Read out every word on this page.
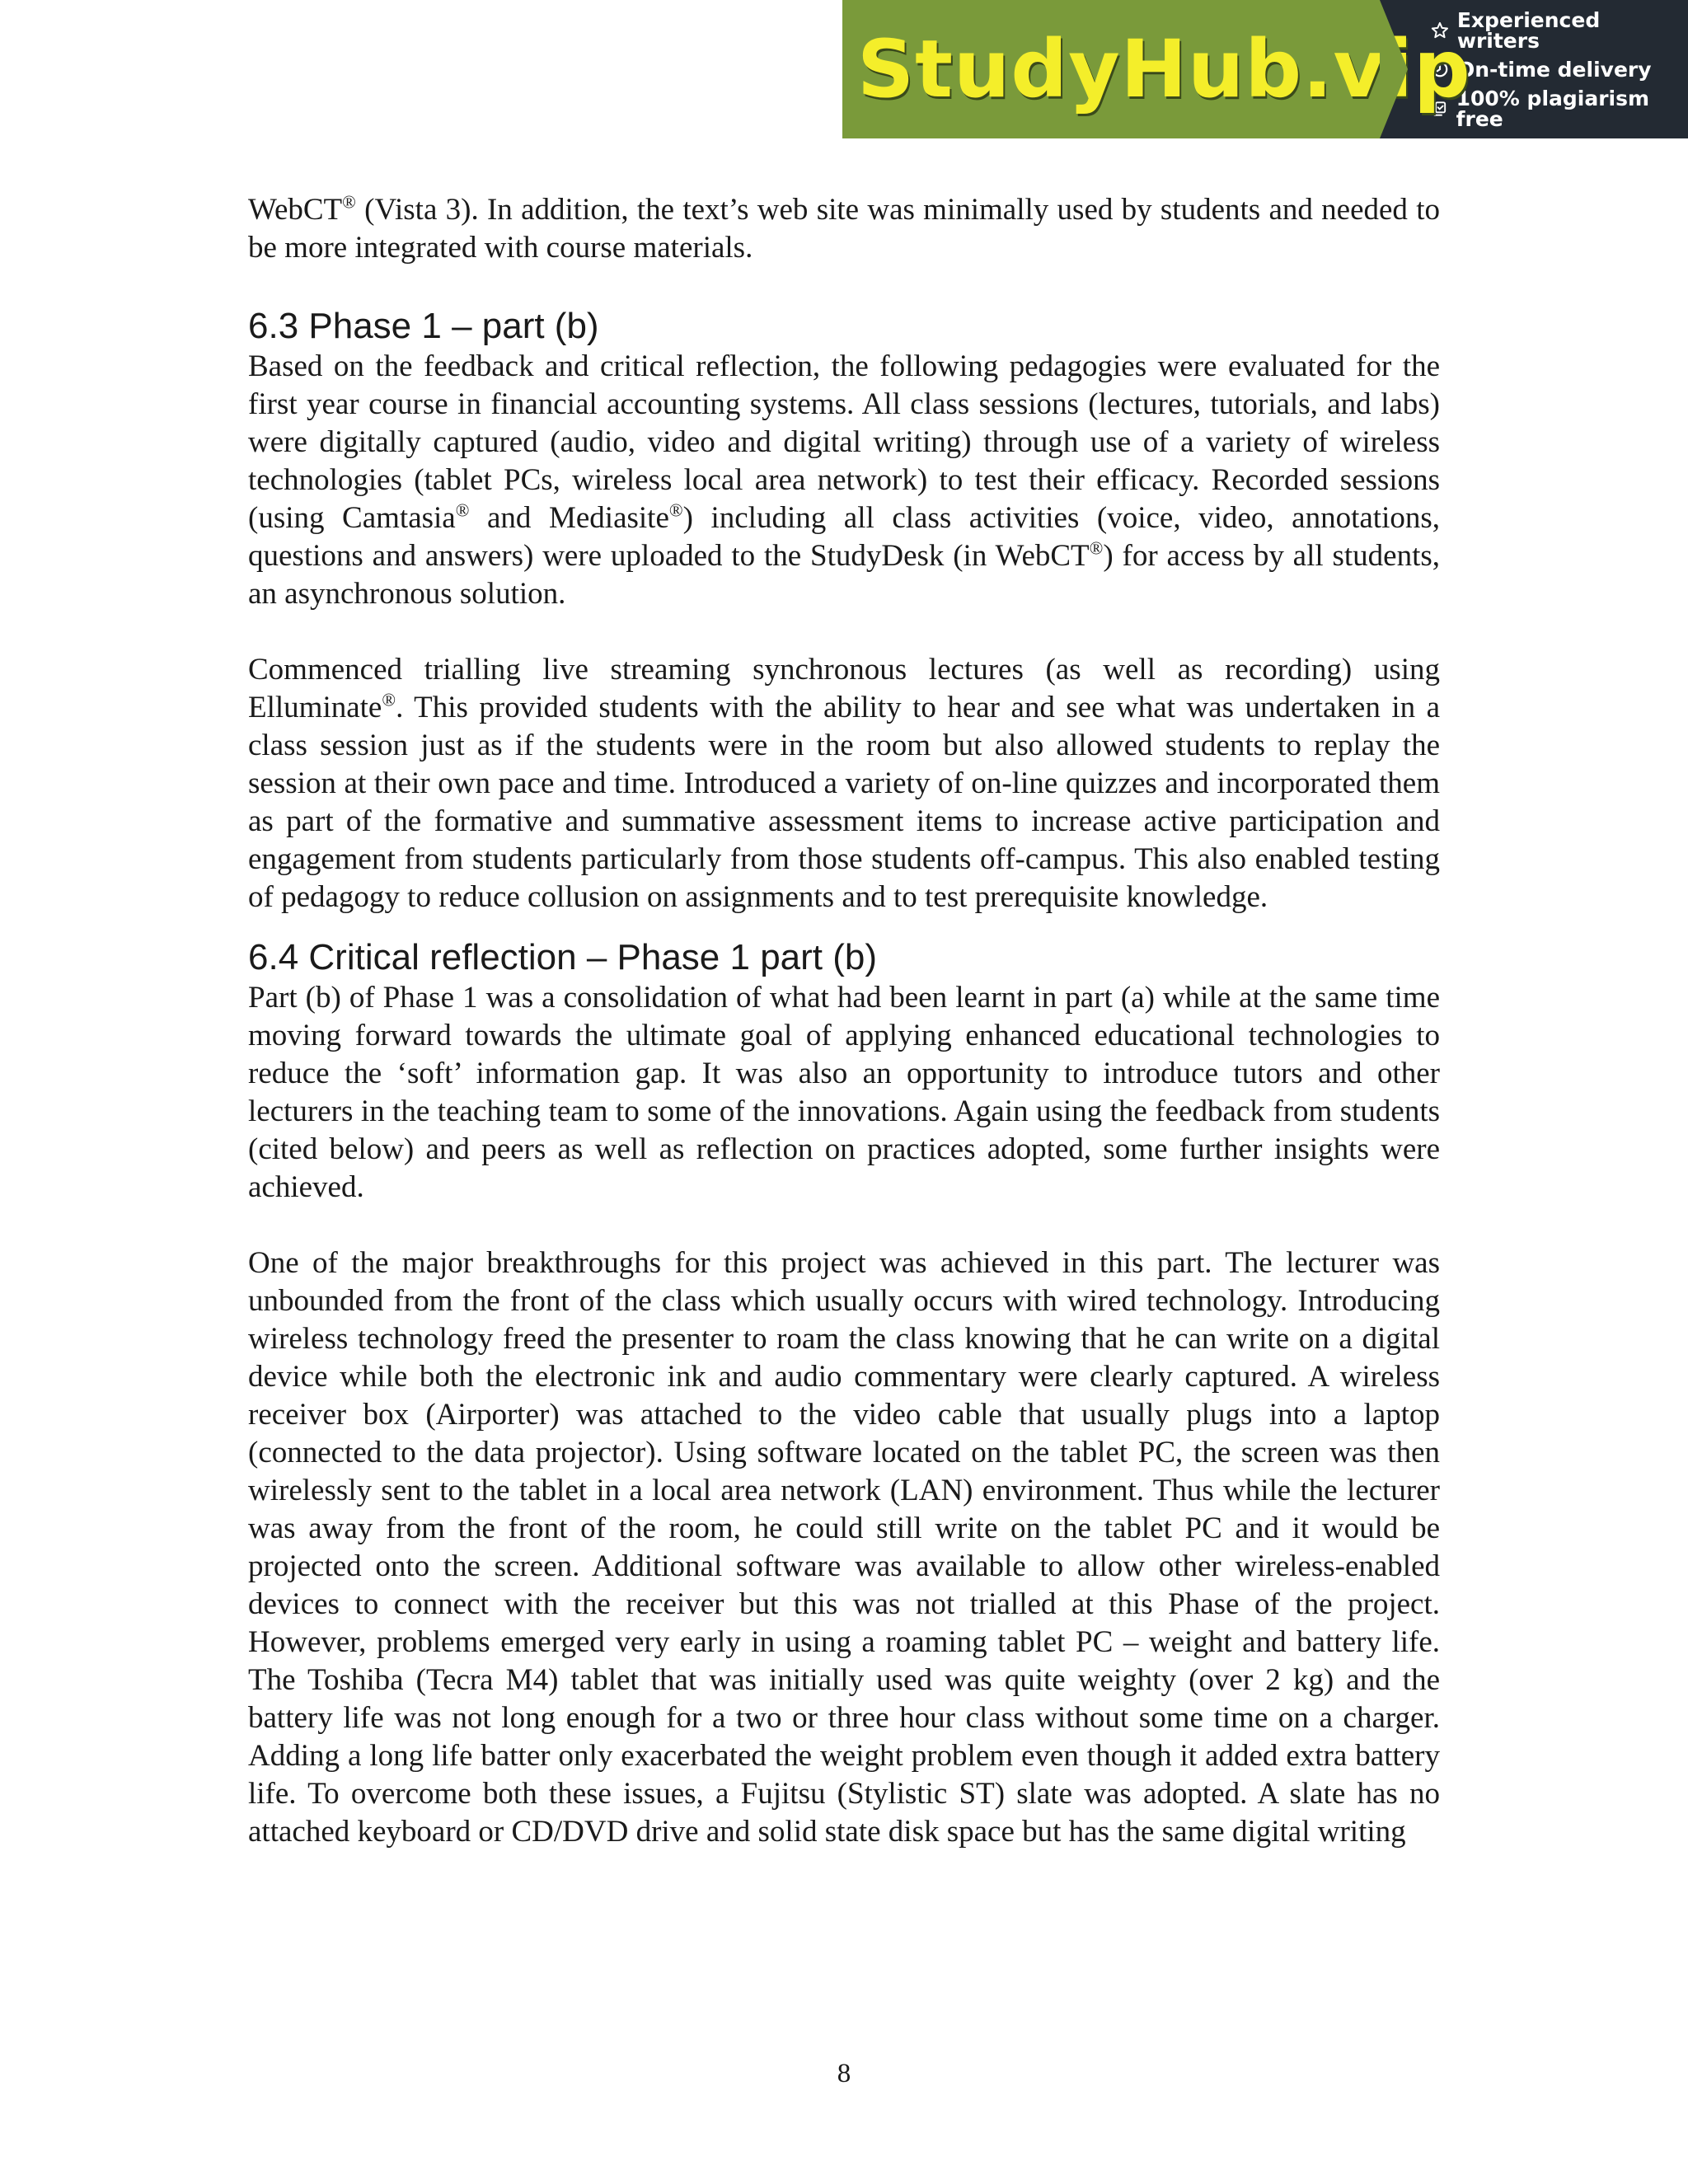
StudyHub.vip
Experienced writers
On-time delivery
100% plagiarism free

WebCT® (Vista 3). In addition, the text’s web site was minimally used by students and needed to be more integrated with course materials.

6.3 Phase 1 – part (b)

Based on the feedback and critical reflection, the following pedagogies were evaluated for the first year course in financial accounting systems. All class sessions (lectures, tutorials, and labs) were digitally captured (audio, video and digital writing) through use of a variety of wireless technologies (tablet PCs, wireless local area network) to test their efficacy. Recorded sessions (using Camtasia® and Mediasite®) including all class activities (voice, video, annotations, questions and answers) were uploaded to the StudyDesk (in WebCT®) for access by all students, an asynchronous solution.

Commenced trialling live streaming synchronous lectures (as well as recording) using Elluminate®. This provided students with the ability to hear and see what was undertaken in a class session just as if the students were in the room but also allowed students to replay the session at their own pace and time. Introduced a variety of on-line quizzes and incorporated them as part of the formative and summative assessment items to increase active participation and engagement from students particularly from those students off-campus. This also enabled testing of pedagogy to reduce collusion on assignments and to test prerequisite knowledge.

6.4 Critical reflection – Phase 1 part (b)

Part (b) of Phase 1 was a consolidation of what had been learnt in part (a) while at the same time moving forward towards the ultimate goal of applying enhanced educational technologies to reduce the ‘soft’ information gap. It was also an opportunity to introduce tutors and other lecturers in the teaching team to some of the innovations. Again using the feedback from students (cited below) and peers as well as reflection on practices adopted, some further insights were achieved.

One of the major breakthroughs for this project was achieved in this part. The lecturer was unbounded from the front of the class which usually occurs with wired technology. Introducing wireless technology freed the presenter to roam the class knowing that he can write on a digital device while both the electronic ink and audio commentary were clearly captured. A wireless receiver box (Airporter) was attached to the video cable that usually plugs into a laptop (connected to the data projector). Using software located on the tablet PC, the screen was then wirelessly sent to the tablet in a local area network (LAN) environment. Thus while the lecturer was away from the front of the room, he could still write on the tablet PC and it would be projected onto the screen. Additional software was available to allow other wireless-enabled devices to connect with the receiver but this was not trialled at this Phase of the project. However, problems emerged very early in using a roaming tablet PC – weight and battery life. The Toshiba (Tecra M4) tablet that was initially used was quite weighty (over 2 kg) and the battery life was not long enough for a two or three hour class without some time on a charger. Adding a long life batter only exacerbated the weight problem even though it added extra battery life. To overcome both these issues, a Fujitsu (Stylistic ST) slate was adopted. A slate has no attached keyboard or CD/DVD drive and solid state disk space but has the same digital writing

8
